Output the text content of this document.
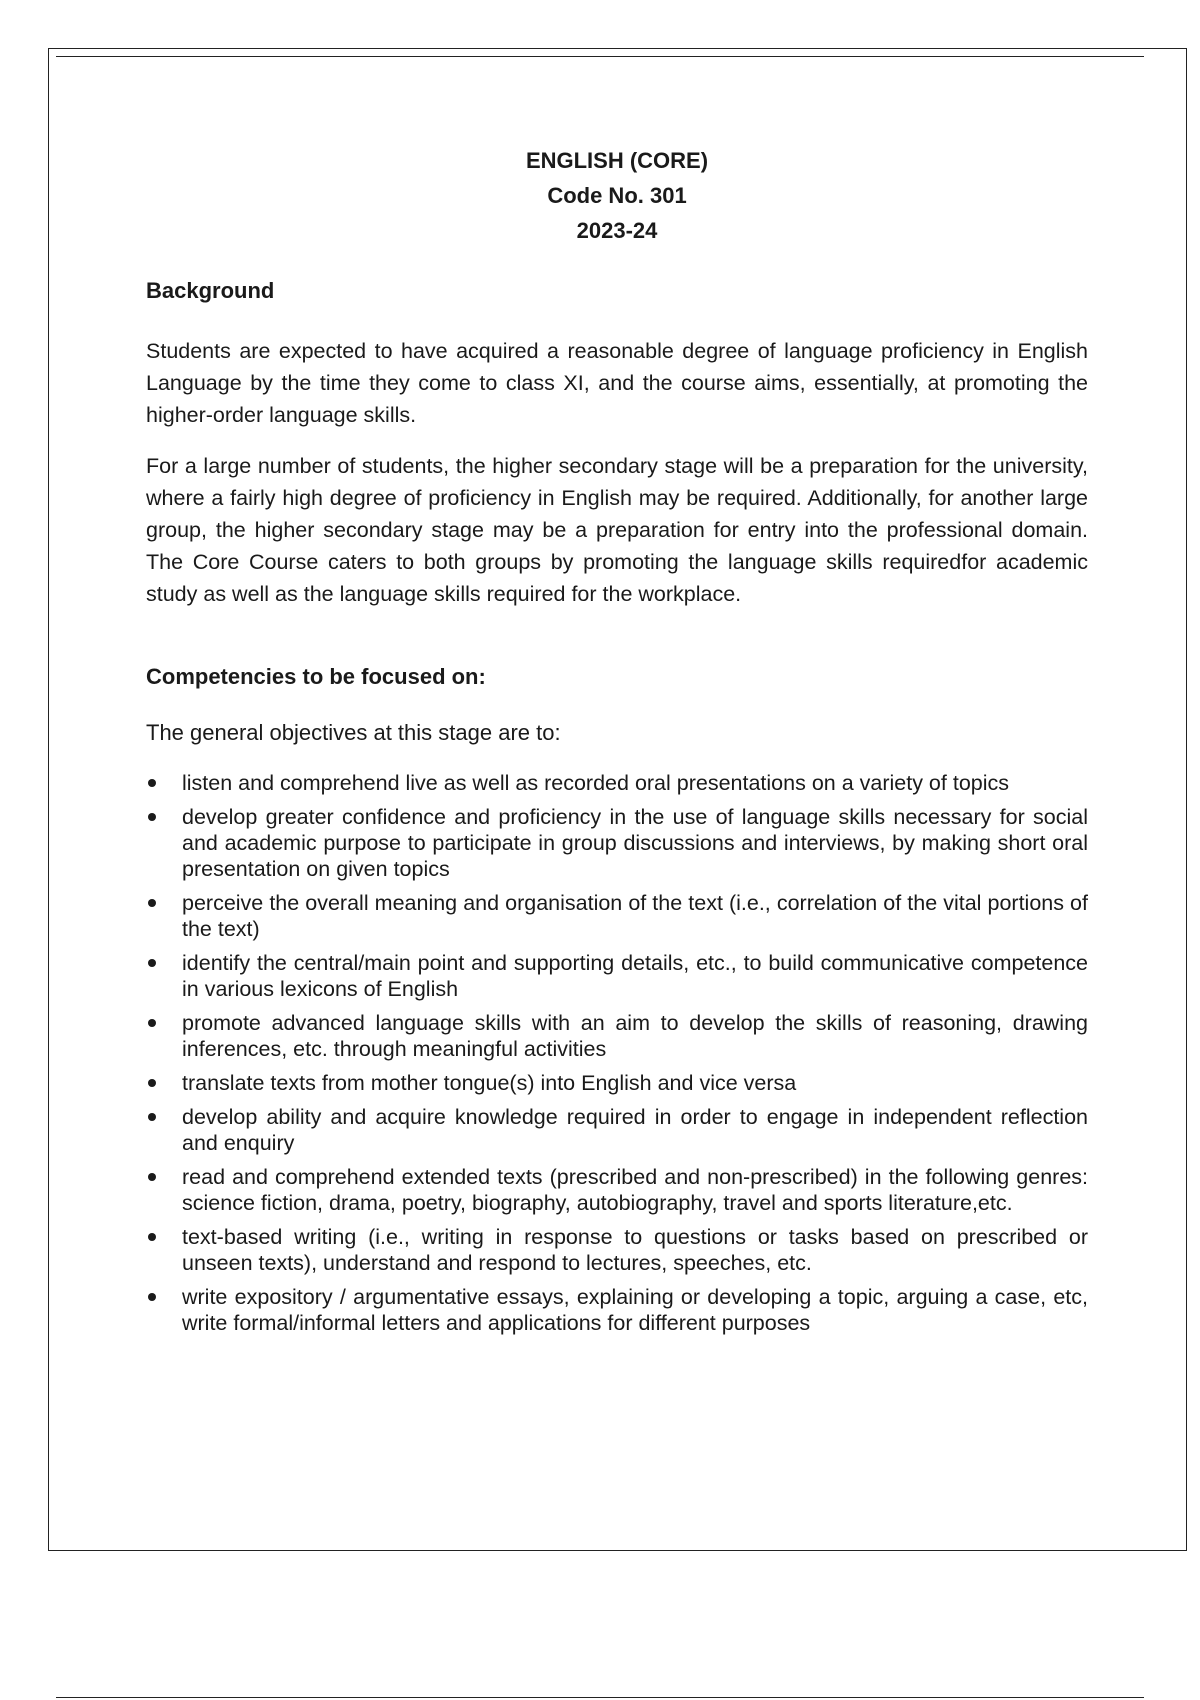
ENGLISH (CORE)
Code No. 301
2023-24
Background

Students are expected to have acquired a reasonable degree of language proficiency in English Language by the time they come to class XI, and the course aims, essentially, at promoting the higher-order language skills.

For a large number of students, the higher secondary stage will be a preparation for the university, where a fairly high degree of proficiency in English may be required. Additionally, for another large group, the higher secondary stage may be a preparation for entry into the professional domain. The Core Course caters to both groups by promoting the language skills requiredfor academic study as well as the language skills required for the workplace.

Competencies to be focused on:
The general objectives at this stage are to:
listen and comprehend live as well as recorded oral presentations on a variety of topics
develop greater confidence and proficiency in the use of language skills necessary for social and academic purpose to participate in group discussions and interviews, by making short oral presentation on given topics
perceive the overall meaning and organisation of the text (i.e., correlation of the vital portions of the text)
identify the central/main point and supporting details, etc., to build communicative competence in various lexicons of English
promote advanced language skills with an aim to develop the skills of reasoning, drawing inferences, etc. through meaningful activities
translate texts from mother tongue(s) into English and vice versa
develop ability and acquire knowledge required in order to engage in independent reflection and enquiry
read and comprehend extended texts (prescribed and non-prescribed) in the following genres: science fiction, drama, poetry, biography, autobiography, travel and sports literature,etc.
text-based writing (i.e., writing in response to questions or tasks based on prescribed or unseen texts), understand and respond to lectures, speeches, etc.
write expository / argumentative essays, explaining or developing a topic, arguing a case, etc, write formal/informal letters and applications for different purposes
